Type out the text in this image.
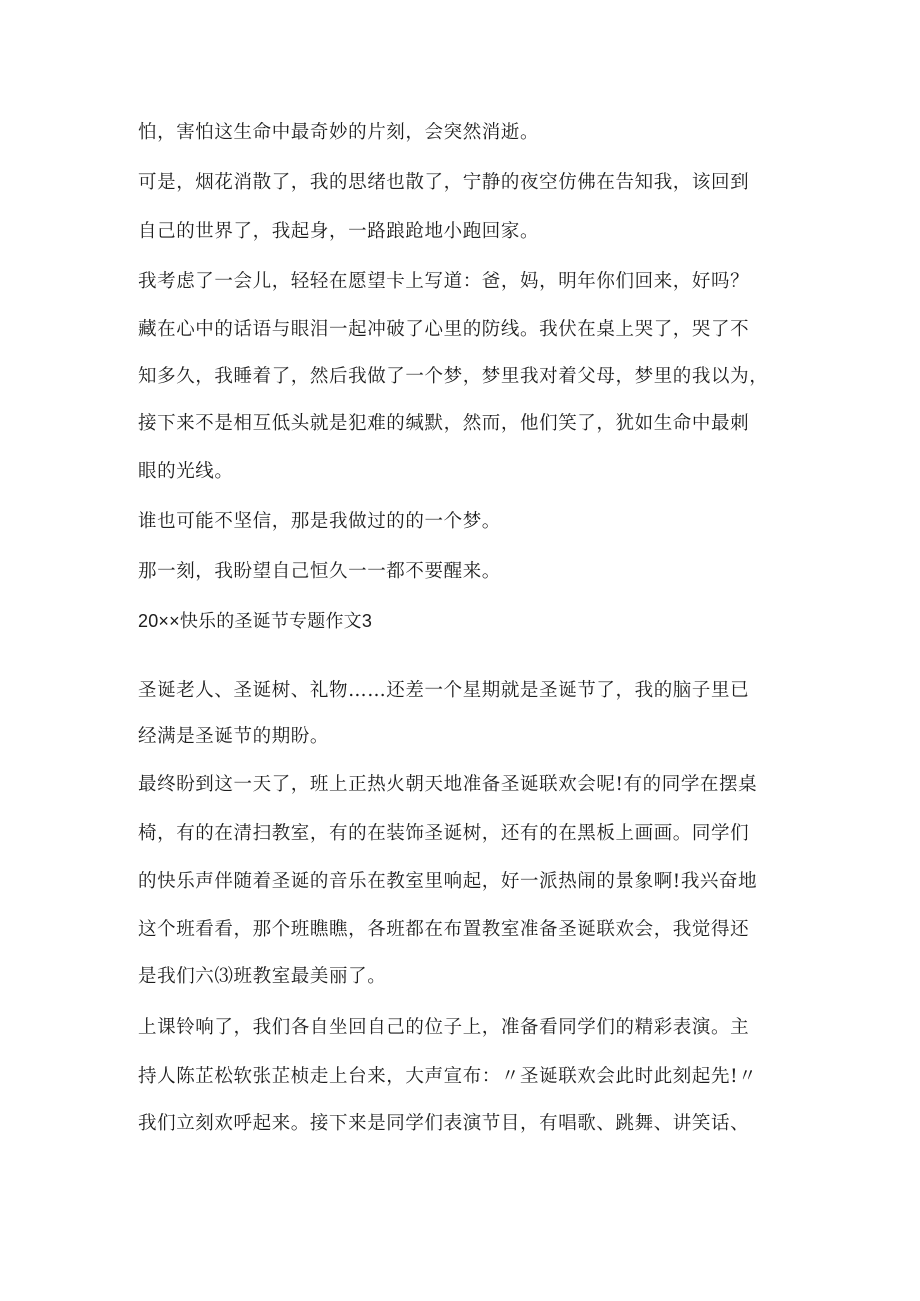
怕，害怕这生命中最奇妙的片刻，会突然消逝。
可是，烟花消散了，我的思绪也散了，宁静的夜空仿佛在告知我，该回到
自己的世界了，我起身，一路踉跄地小跑回家。
我考虑了一会儿，轻轻在愿望卡上写道：爸，妈，明年你们回来，好吗？
藏在心中的话语与眼泪一起冲破了心里的防线。我伏在桌上哭了，哭了不
知多久，我睡着了，然后我做了一个梦，梦里我对着父母，梦里的我以为，
接下来不是相互低头就是犯难的缄默，然而，他们笑了，犹如生命中最刺
眼的光线。
谁也可能不坚信，那是我做过的的一个梦。
那一刻，我盼望自己恒久一一都不要醒来。
20××快乐的圣诞节专题作文3
圣诞老人、圣诞树、礼物……还差一个星期就是圣诞节了，我的脑子里已
经满是圣诞节的期盼。
最终盼到这一天了，班上正热火朝天地准备圣诞联欢会呢!有的同学在摆桌
椅，有的在清扫教室，有的在装饰圣诞树，还有的在黑板上画画。同学们
的快乐声伴随着圣诞的音乐在教室里响起，好一派热闹的景象啊!我兴奋地
这个班看看，那个班瞧瞧，各班都在布置教室准备圣诞联欢会，我觉得还
是我们六⑶班教室最美丽了。
上课铃响了，我们各自坐回自己的位子上，准备看同学们的精彩表演。主
持人陈芷松软张芷桢走上台来，大声宣布：〃圣诞联欢会此时此刻起先!〃
我们立刻欢呼起来。接下来是同学们表演节目，有唱歌、跳舞、讲笑话、
